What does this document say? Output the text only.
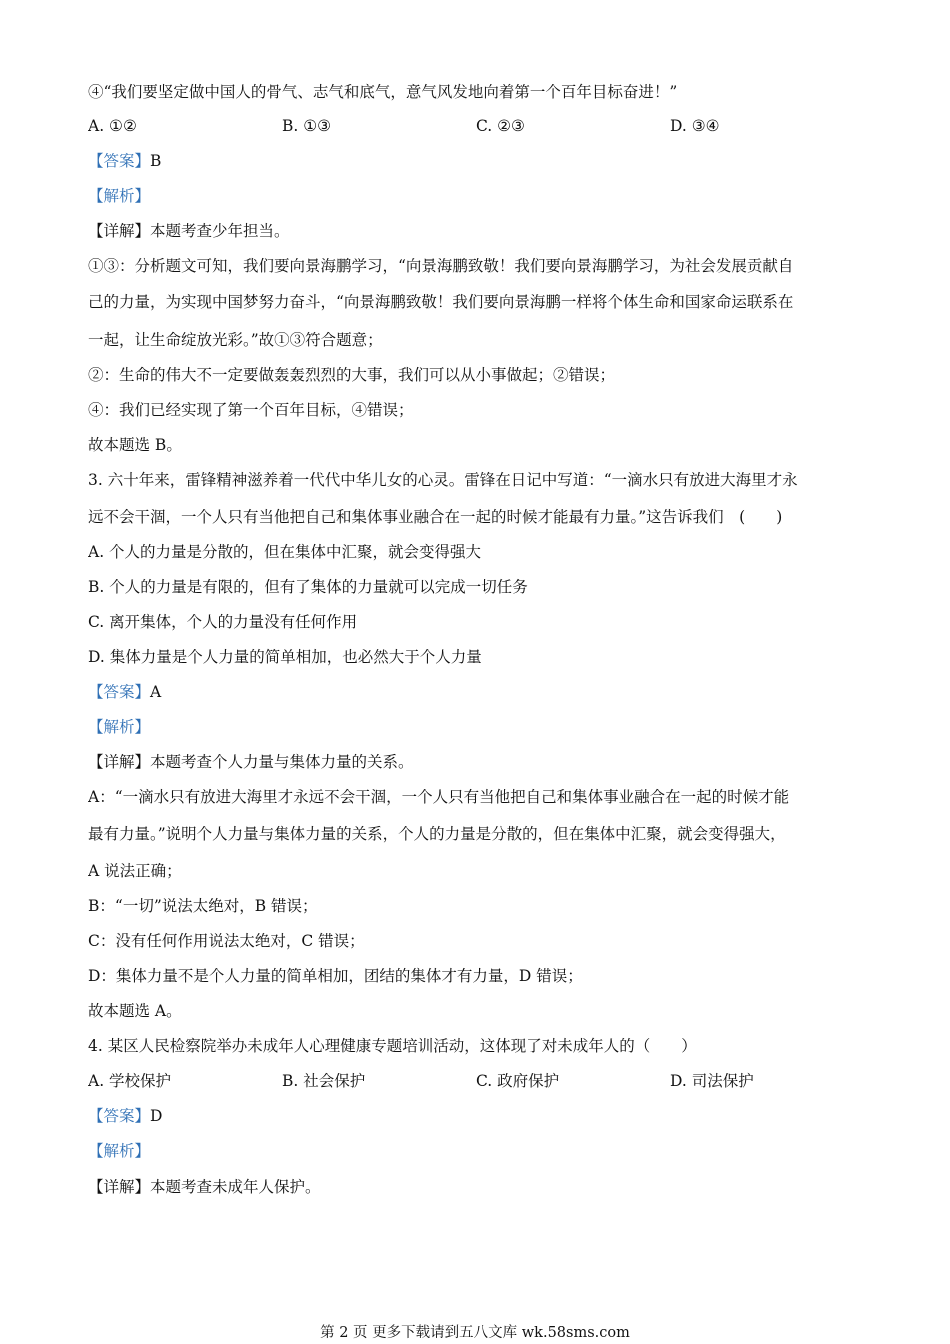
④“我们要坚定做中国人的骨气、志气和底气，意气风发地向着第一个百年目标奋进！”
A. ①②	B. ①③	C. ②③	D. ③④
【答案】B
【解析】
【详解】本题考查少年担当。
①③：分析题文可知，我们要向景海鹏学习，“向景海鹏致敬！我们要向景海鹏学习，为社会发展贡献自
己的力量，为实现中国梦努力奋斗，“向景海鹏致敬！我们要向景海鹏一样将个体生命和国家命运联系在
一起，让生命绽放光彩。”故①③符合题意；
②：生命的伟大不一定要做轰轰烈烈的大事，我们可以从小事做起；②错误；
④：我们已经实现了第一个百年目标，④错误；
故本题选 B。
3. 六十年来，雷锋精神滋养着一代代中华儿女的心灵。雷锋在日记中写道：“一滴水只有放进大海里才永
远不会干涸，一个人只有当他把自己和集体事业融合在一起的时候才能最有力量。”这告诉我们　(　　)
A. 个人的力量是分散的，但在集体中汇聚，就会变得强大
B. 个人的力量是有限的，但有了集体的力量就可以完成一切任务
C. 离开集体，个人的力量没有任何作用
D. 集体力量是个人力量的简单相加，也必然大于个人力量
【答案】A
【解析】
【详解】本题考查个人力量与集体力量的关系。
A：“一滴水只有放进大海里才永远不会干涸，一个人只有当他把自己和集体事业融合在一起的时候才能
最有力量。”说明个人力量与集体力量的关系，个人的力量是分散的，但在集体中汇聚，就会变得强大，
A 说法正确；
B：“一切”说法太绝对，B 错误；
C：没有任何作用说法太绝对，C 错误；
D：集体力量不是个人力量的简单相加，团结的集体才有力量，D 错误；
故本题选 A。
4. 某区人民检察院举办未成年人心理健康专题培训活动，这体现了对未成年人的（　　）
A. 学校保护	B. 社会保护	C. 政府保护	D. 司法保护
【答案】D
【解析】
【详解】本题考查未成年人保护。
第 2 页 更多下载请到五八文库 wk.58sms.com
